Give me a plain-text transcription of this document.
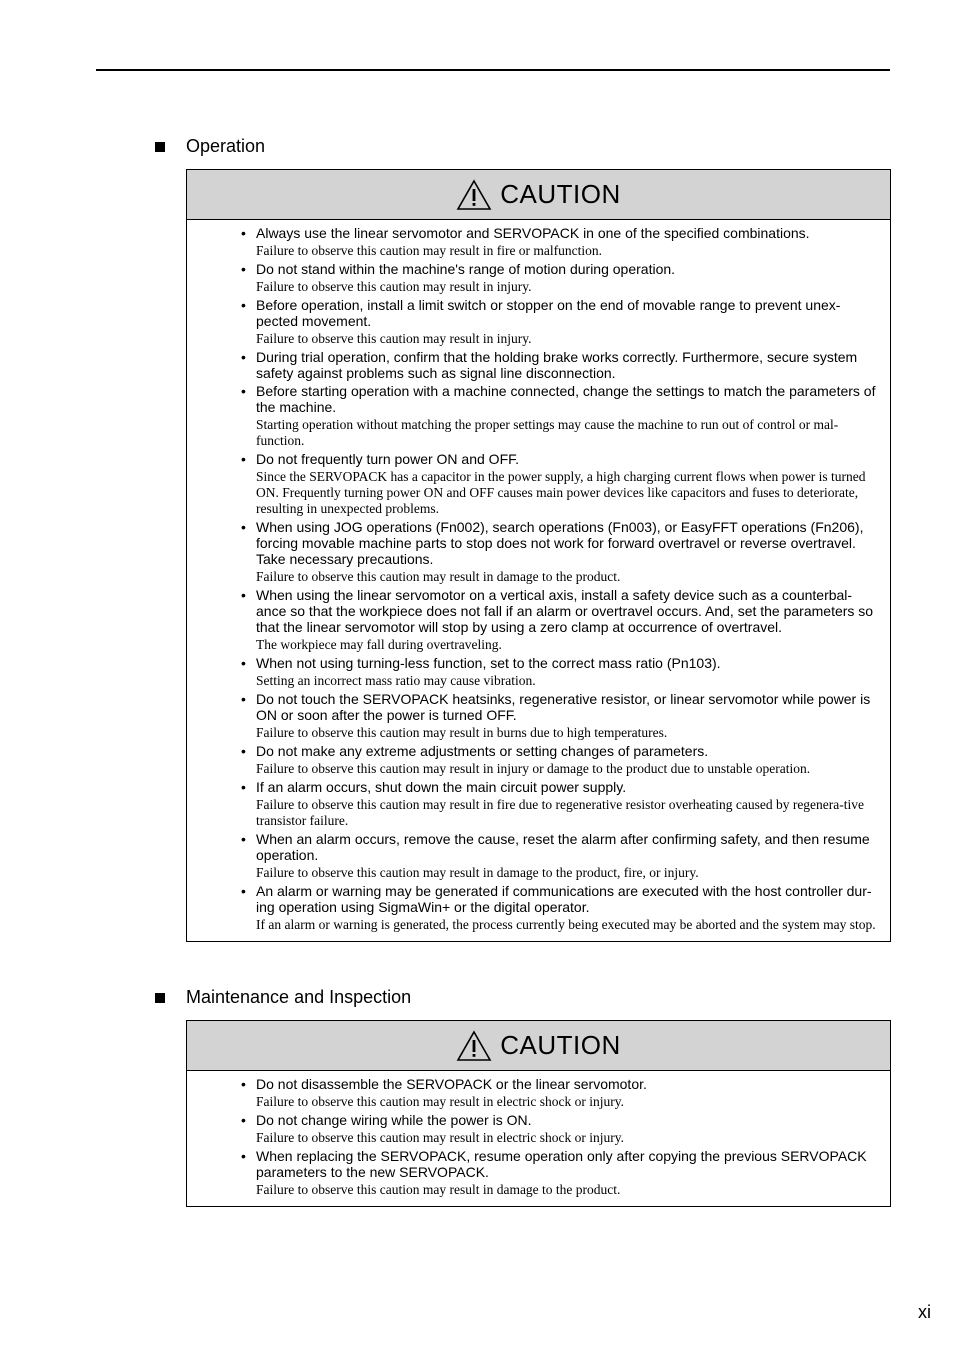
Operation
CAUTION
• Always use the linear servomotor and SERVOPACK in one of the specified combinations.
Failure to observe this caution may result in fire or malfunction.
• Do not stand within the machine's range of motion during operation.
Failure to observe this caution may result in injury.
• Before operation, install a limit switch or stopper on the end of movable range to prevent unex-pected movement.
Failure to observe this caution may result in injury.
• During trial operation, confirm that the holding brake works correctly. Furthermore, secure system safety against problems such as signal line disconnection.
• Before starting operation with a machine connected, change the settings to match the parameters of the machine.
Starting operation without matching the proper settings may cause the machine to run out of control or mal-function.
• Do not frequently turn power ON and OFF.
Since the SERVOPACK has a capacitor in the power supply, a high charging current flows when power is turned ON. Frequently turning power ON and OFF causes main power devices like capacitors and fuses to deteriorate, resulting in unexpected problems.
• When using JOG operations (Fn002), search operations (Fn003), or EasyFFT operations (Fn206), forcing movable machine parts to stop does not work for forward overtravel or reverse overtravel. Take necessary precautions.
Failure to observe this caution may result in damage to the product.
• When using the linear servomotor on a vertical axis, install a safety device such as a counterbal-ance so that the workpiece does not fall if an alarm or overtravel occurs. And, set the parameters so that the linear servomotor will stop by using a zero clamp at occurrence of overtravel.
The workpiece may fall during overtraveling.
• When not using turning-less function, set to the correct mass ratio (Pn103).
Setting an incorrect mass ratio may cause vibration.
• Do not touch the SERVOPACK heatsinks, regenerative resistor, or linear servomotor while power is ON or soon after the power is turned OFF.
Failure to observe this caution may result in burns due to high temperatures.
• Do not make any extreme adjustments or setting changes of parameters.
Failure to observe this caution may result in injury or damage to the product due to unstable operation.
• If an alarm occurs, shut down the main circuit power supply.
Failure to observe this caution may result in fire due to regenerative resistor overheating caused by regenera-tive transistor failure.
• When an alarm occurs, remove the cause, reset the alarm after confirming safety, and then resume operation.
Failure to observe this caution may result in damage to the product, fire, or injury.
• An alarm or warning may be generated if communications are executed with the host controller dur-ing operation using SigmaWin+ or the digital operator.
If an alarm or warning is generated, the process currently being executed may be aborted and the system may stop.
Maintenance and Inspection
CAUTION
• Do not disassemble the SERVOPACK or the linear servomotor.
Failure to observe this caution may result in electric shock or injury.
• Do not change wiring while the power is ON.
Failure to observe this caution may result in electric shock or injury.
• When replacing the SERVOPACK, resume operation only after copying the previous SERVOPACK parameters to the new SERVOPACK.
Failure to observe this caution may result in damage to the product.
xi
